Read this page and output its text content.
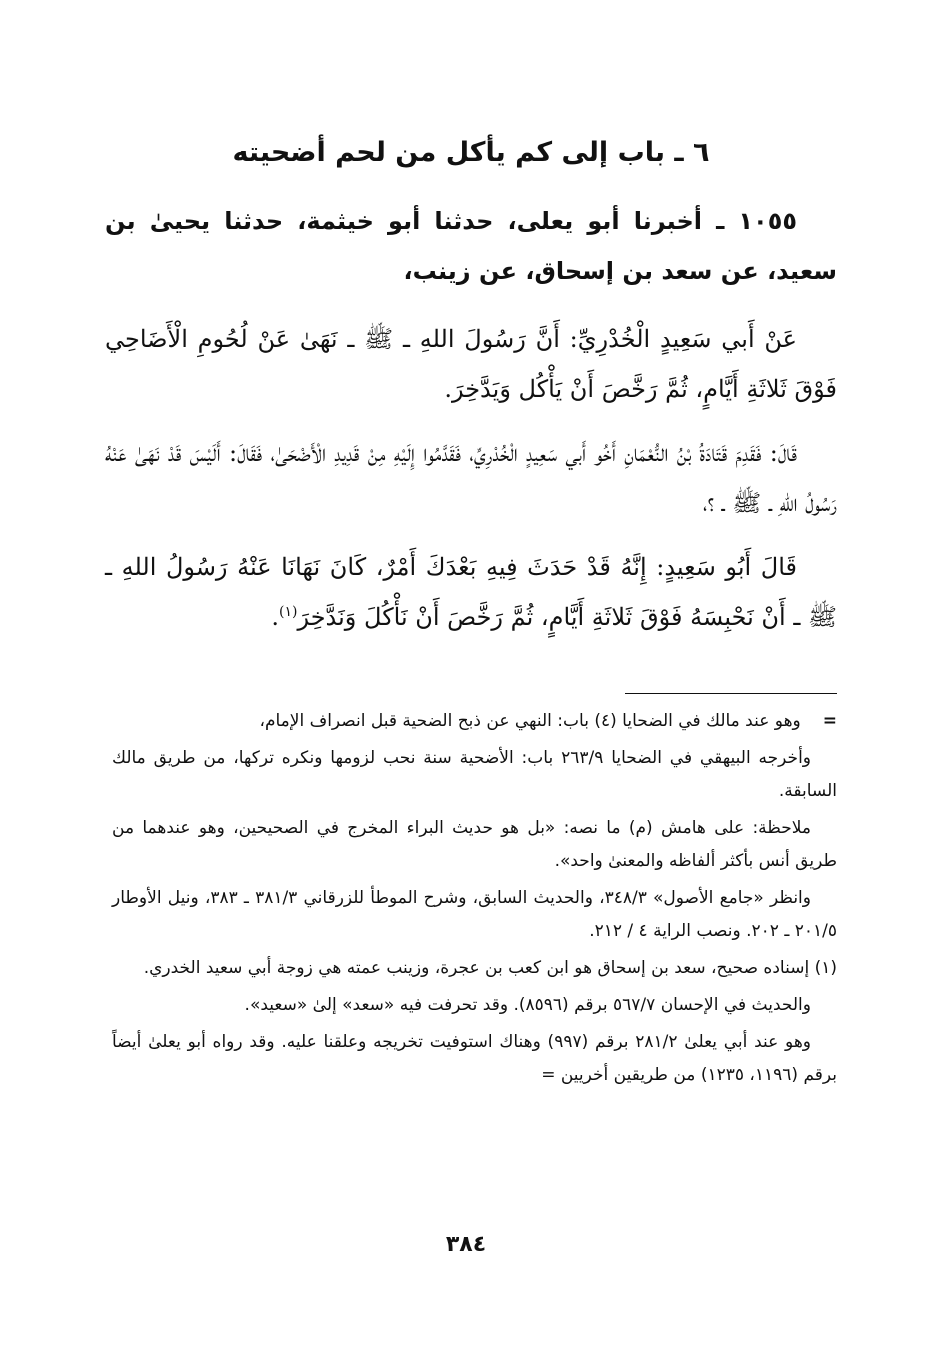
٦ ـ باب إلى كم يأكل من لحم أضحيته

١٠٥٥ ـ أخبرنا أبو يعلى، حدثنا أبو خيثمة، حدثنا يحيىٰ بن سعيد، عن سعد بن إسحاق، عن زينب،

عَنْ أَبي سَعِيدٍ الْخُدْرِيِّ: أَنَّ رَسُولَ اللهِ ـ ﷺ ـ نَهَىٰ عَنْ لُحُومِ الْأَضَاحِي فَوْقَ ثَلاثَةِ أَيَّامٍ، ثُمَّ رَخَّصَ أَنْ يَأْكُل وَيَدَّخِرَ.

قَالَ: فَقَدِمَ قَتَادَةُ بْنُ النُّعْمَانِ أَخُو أَبي سَعِيدٍ الْخُدْرِيِّ، فَقَدَّمُوا إِلَيْهِ مِنْ قَدِيدِ الْأَضْحَىٰ، فَقَالَ: أَلَيْسَ قَدْ نَهَىٰ عَنْهُ رَسُولُ اللهِ ـ ﷺ ـ ؟،

قَالَ أَبُو سَعِيدٍ: إِنَّهُ قَدْ حَدَثَ فِيهِ بَعْدَكَ أَمْرٌ، كَانَ نَهَانَا عَنْهُ رَسُولُ اللهِ ـ ﷺ ـ أَنْ نَحْبِسَهُ فَوْقَ ثَلاثَةِ أَيَّامٍ، ثُمَّ رَخَّصَ أَنْ نَأْكُلَ وَنَدَّخِرَ$^{(١)}$.

=وهو عند مالك في الضحايا (٤) باب: النهي عن ذبح الضحية قبل انصراف الإمام،

وأخرجه البيهقي في الضحايا ٢٦٣/٩ باب: الأضحية سنة نحب لزومها ونكره تركها، من طريق مالك السابقة.

ملاحظة: على هامش (م) ما نصه: «بل هو حديث البراء المخرج في الصحيحين، وهو عندهما من طريق أنس بأكثر ألفاظه والمعنىٰ واحد».

وانظر «جامع الأصول» ٣٤٨/٣، والحديث السابق، وشرح الموطأ للزرقاني ٣٨١/٣ ـ ٣٨٣، ونيل الأوطار ٢٠١/٥ ـ ٢٠٢. ونصب الراية ٤ / ٢١٢.

(١) إسناده صحيح، سعد بن إسحاق هو ابن كعب بن عجرة، وزينب عمته هي زوجة أبي سعيد الخدري.

والحديث في الإحسان ٥٦٧/٧ برقم (٨٥٩٦). وقد تحرفت فيه «سعد» إلىٰ «سعيد».

وهو عند أبي يعلىٰ ٢٨١/٢ برقم (٩٩٧) وهناك استوفيت تخريجه وعلقنا عليه. وقد رواه أبو يعلىٰ أيضاً برقم (١١٩٦، ١٢٣٥) من طريقين أخريين =

٣٨٤
